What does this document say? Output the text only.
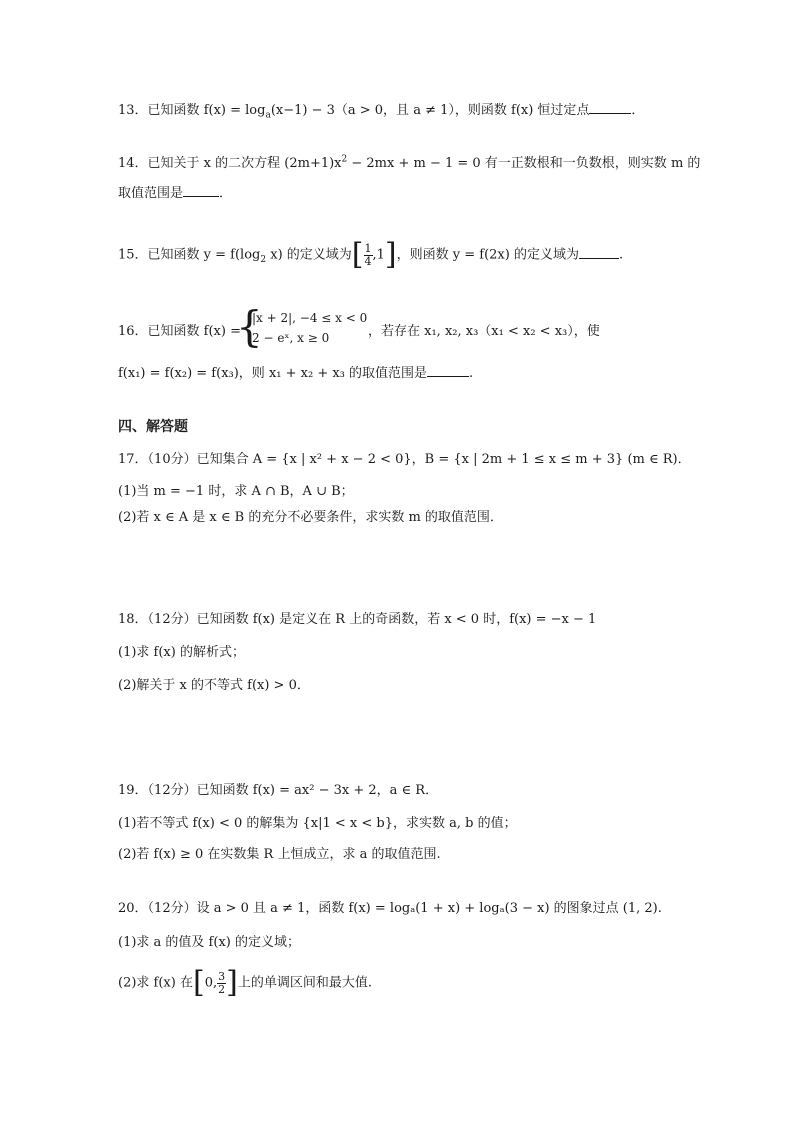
13．已知函数 $f(x) = \log_a(x-1) - 3(a > 0$，且 a ≠ 1），则函数 f(x) 恒过定点	．
14．已知关于 x 的二次方程 $(2m+1)x^2 - 2mx + m - 1 = 0$ 有一正数根和一负数根，则实数 m 的
取值范围是	．
15．已知函数 $y = f(\log_2$ x) 的定义域为[ $\frac{1}{4} ,1$]，则函数 y = f(2x) 的定义域为	.
16．已知函数 f(x) =
{
|x + 2|, −4 ≤ x < 0
2 − eˣ, x ≥ 0	，若存在 x₁, x₂, x₃（x₁ < x₂ < x₃），使
f(x₁) = f(x₂) = f(x₃)，则 x₁ + x₂ + x₃ 的取值范围是	.
四、解答题
17．（10分）已知集合 A = {x | x² + x − 2 < 0}，B = {x | 2m + 1 ≤ x ≤ m + 3} (m ∈ R)．
(1)当 m = −1 时，求 A ∩ B，A ∪ B；
(2)若 x ∈ A 是 x ∈ B 的充分不必要条件，求实数 m 的取值范围．
18．（12分）已知函数 f(x) 是定义在 R 上的奇函数，若 x < 0 时，f(x) = −x − 1
(1)求 f(x) 的解析式；
(2)解关于 x 的不等式 f(x) > 0．
19．（12分）已知函数 f(x) = ax² − 3x + 2，a ∈ R．
(1)若不等式 f(x) < 0 的解集为 {x|1 < x < b}，求实数 a, b 的值；
(2)若 f(x) ≥ 0 在实数集 R 上恒成立，求 a 的取值范围.
20．（12分）设 a > 0 且 a ≠ 1，函数 f(x) = logₐ(1 + x) + logₐ(3 − x) 的图象过点 (1, 2).
(1)求 a 的值及 f(x) 的定义域；
(2)求 f(x) 在[0, $\frac{3}{2}$ ]上的单调区间和最大值.
